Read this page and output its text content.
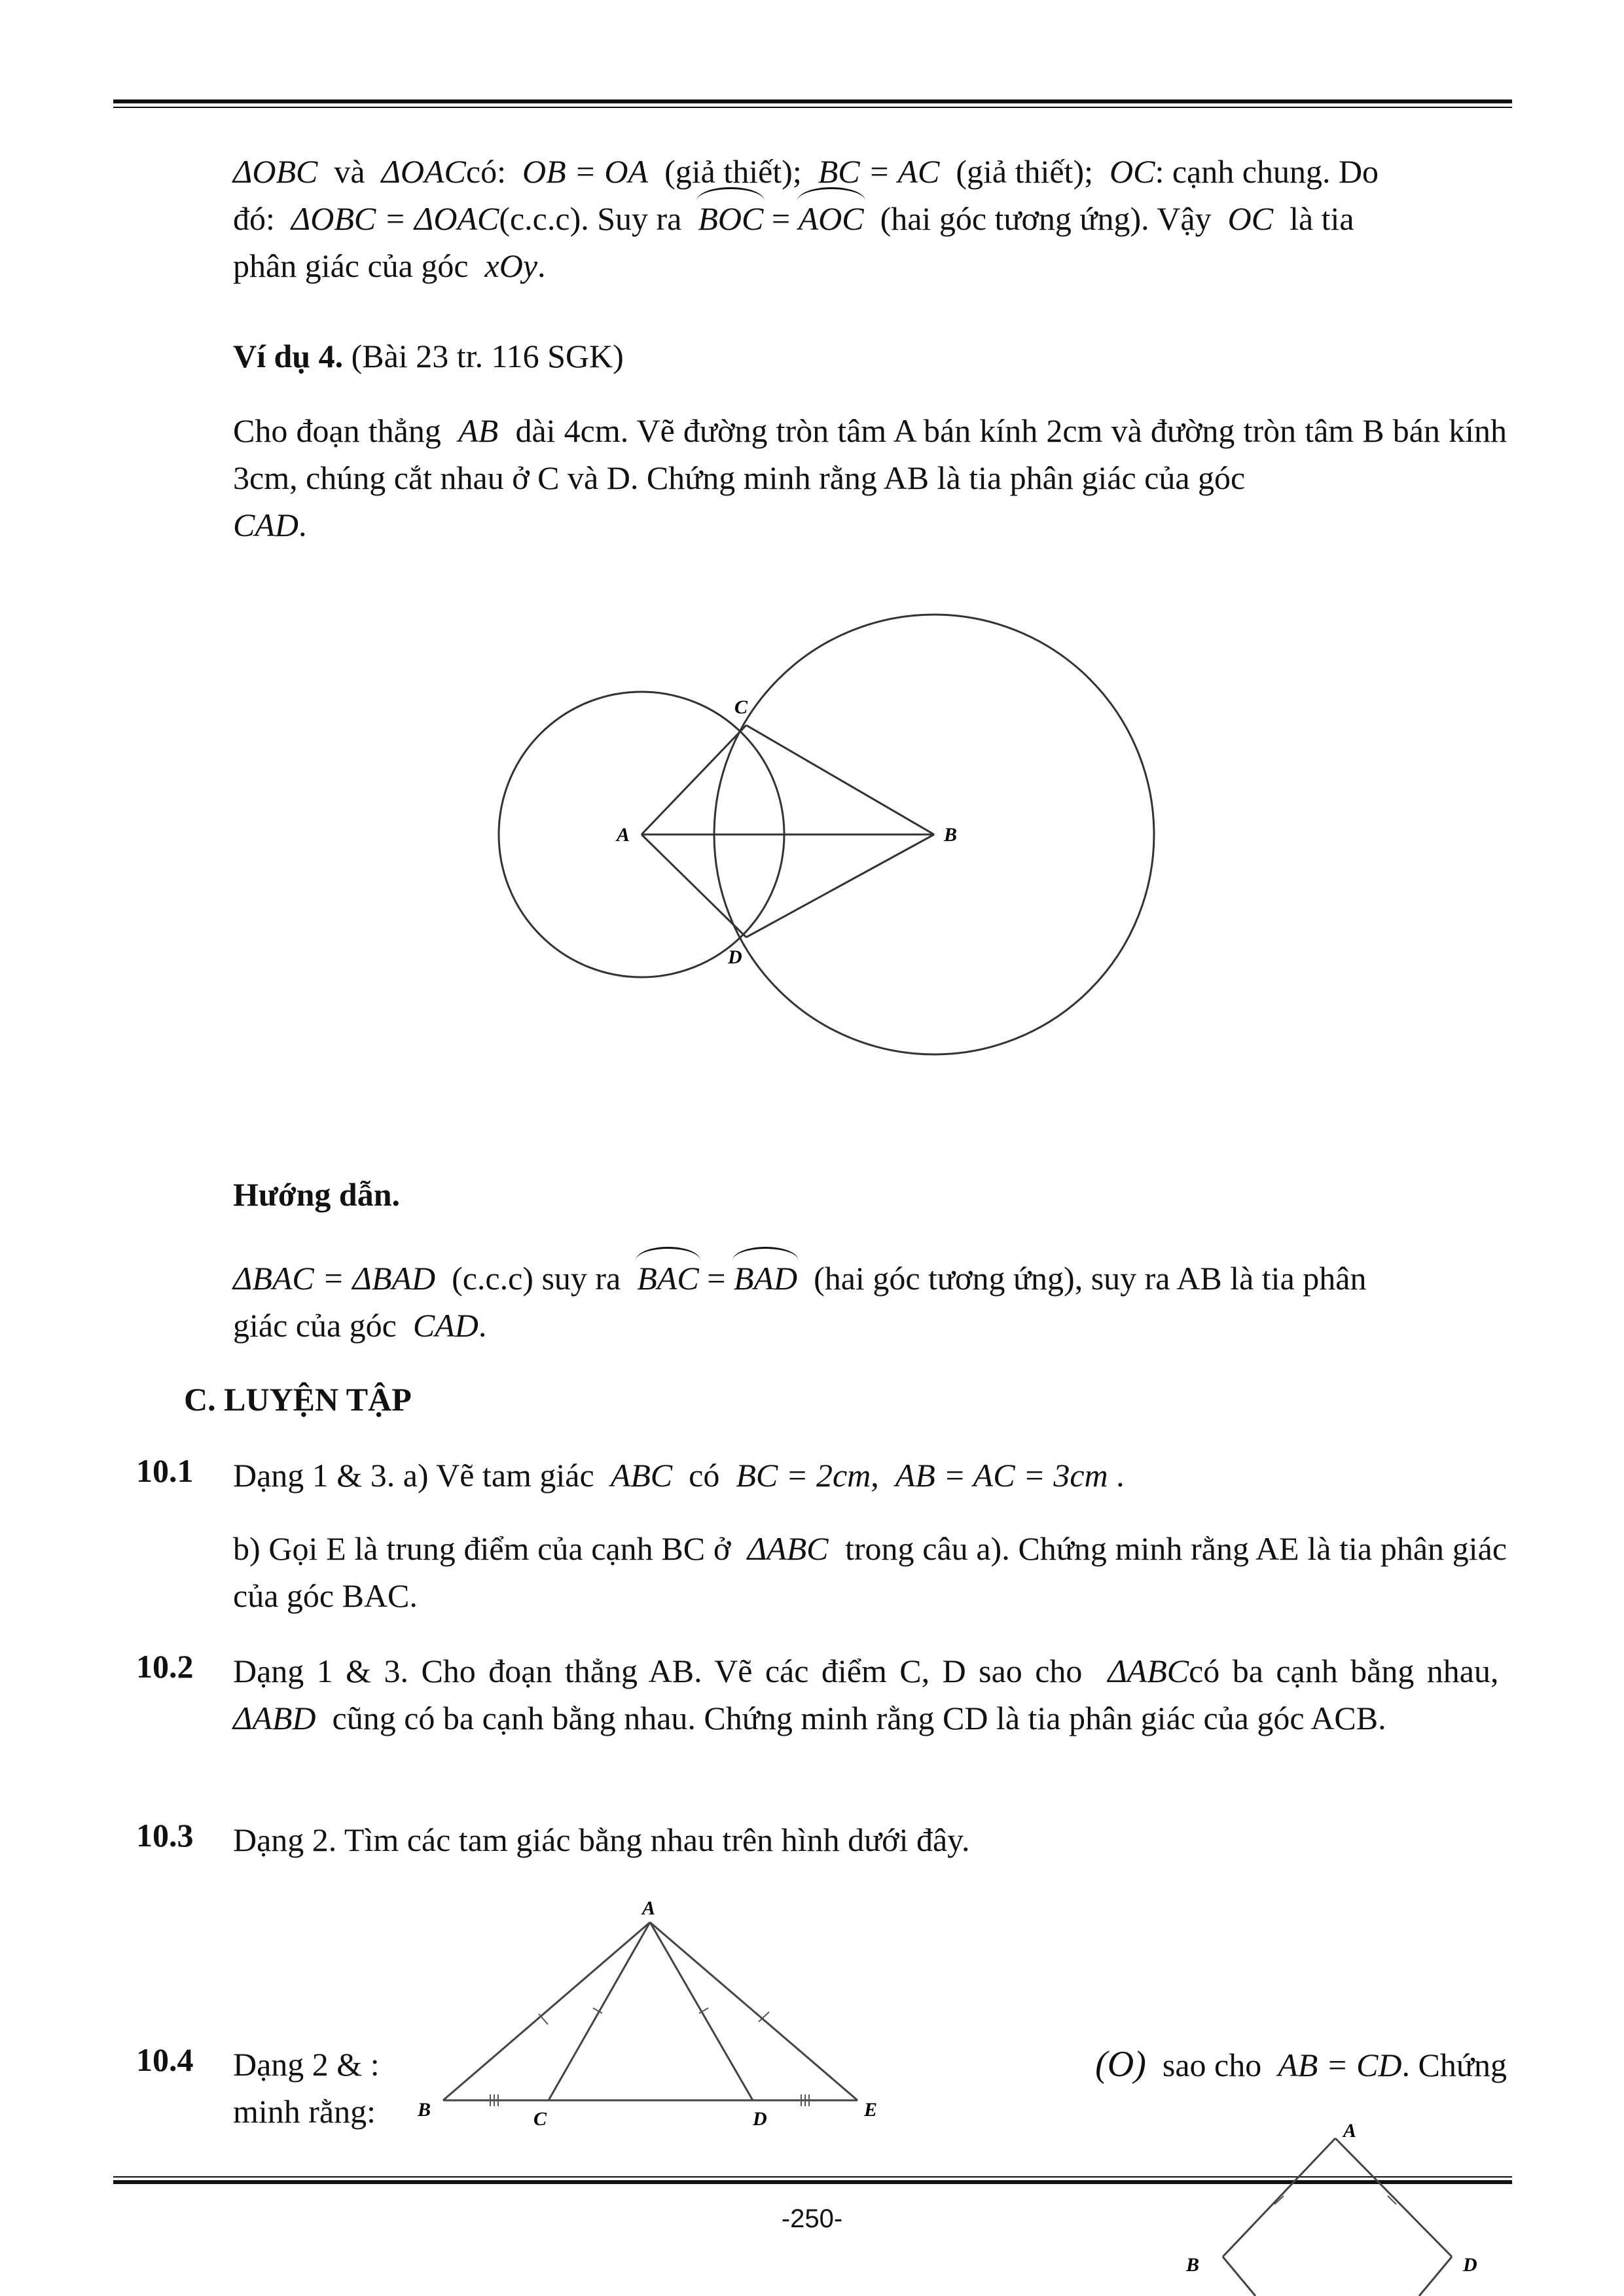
ΔOBC và ΔOACcó: OB = OA (giả thiết); BC = AC (giả thiết); OC: cạnh chung. Do
đó: ΔOBC = ΔOAC(c.c.c). Suy ra BOC = AOC (hai góc tương ứng). Vậy OC là tia
phân giác của góc xOy.
Ví dụ 4. (Bài 23 tr. 116 SGK)
Cho đoạn thẳng AB dài 4cm. Vẽ đường tròn tâm A bán kính 2cm và đường tròn tâm B bán kính 3cm, chúng cắt nhau ở C và D. Chứng minh rằng AB là tia phân giác của góc
CAD.
A	B
C
D
Hướng dẫn.
ΔBAC = ΔBAD (c.c.c) suy ra BAC = BAD (hai góc tương ứng), suy ra AB là tia phân
giác của góc CAD.
C. LUYỆN TẬP
10.1 Dạng 1 & 3. a) Vẽ tam giác ABC có BC = 2cm, AB = AC = 3cm .
b) Gọi E là trung điểm của cạnh BC ở ΔABC trong câu a). Chứng minh rằng AE là tia phân giác của góc BAC.
10.2 Dạng 1 & 3. Cho đoạn thẳng AB. Vẽ các điểm C, D sao cho ΔABCcó ba cạnh bằng nhau,  ΔABD cũng có ba cạnh bằng nhau. Chứng minh rằng CD là tia phân giác của góc ACB.
10.3 Dạng 2. Tìm các tam giác bằng nhau trên hình dưới đây.
10.4 Dạng 2 & :
minh rằng:
(O) sao cho AB = CD. Chứng
A
B	C	D	E
-250-
A
B	D
